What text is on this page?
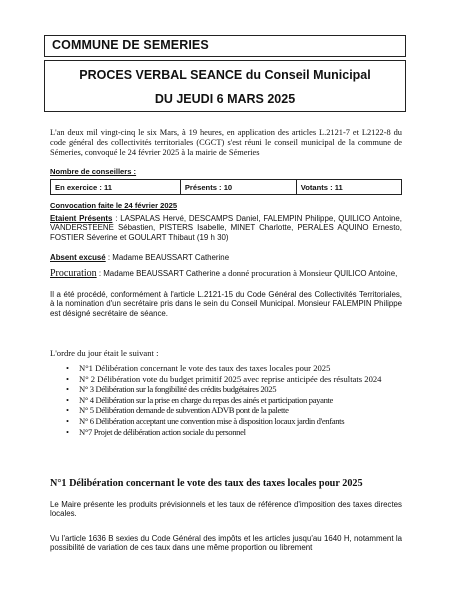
COMMUNE DE SEMERIES
PROCES VERBAL SEANCE du Conseil Municipal
DU JEUDI 6 MARS 2025
L'an deux mil vingt-cinq le six Mars, à 19 heures, en application des articles L.2121-7 et L2122-8 du code général des collectivités territoriales (CGCT) s'est réuni le conseil municipal de la commune de Sémeries, convoqué le 24 février 2025 à la mairie de Sémeries
Nombre de conseillers :
En exercice : 11	Présents : 10	Votants : 11
Convocation faite le 24 février 2025
Etaient Présents : LASPALAS Hervé, DESCAMPS Daniel, FALEMPIN Philippe, QUILICO Antoine, VANDERSTEENE Sébastien, PISTERS Isabelle, MINET Charlotte, PERALES AQUINO Ernesto, FOSTIER Séverine et GOULART Thibaut (19 h 30)
Absent excusé : Madame BEAUSSART Catherine
Procuration : Madame BEAUSSART Catherine a donné procuration à Monsieur QUILICO Antoine,
Il a été procédé, conformément à l'article L.2121-15 du Code Général des Collectivités Territoriales, à la nomination d'un secrétaire pris dans le sein du Conseil Municipal. Monsieur FALEMPIN Philippe est désigné secrétaire de séance.
L'ordre du jour était le suivant :
• N°1 Délibération concernant le vote des taux des taxes locales pour 2025
• N° 2 Délibération vote du budget primitif 2025 avec reprise anticipée des résultats 2024
• N° 3 Délibération sur la fongibilité des crédits budgétaires 2025
• N° 4 Délibération sur la prise en charge du repas des ainés et participation payante
• N° 5 Délibération demande de subvention ADVB pont de la palette
• N° 6 Délibération acceptant une convention mise à disposition locaux jardin d'enfants
• N°7 Projet de délibération action sociale du personnel
N°1 Délibération concernant le vote des taux des taxes locales pour 2025
Le Maire présente les produits prévisionnels et les taux de référence d'imposition des taxes directes locales.
Vu l'article 1636 B sexies du Code Général des impôts et les articles jusqu'au 1640 H, notamment la possibilité de variation de ces taux dans une même proportion ou librement
